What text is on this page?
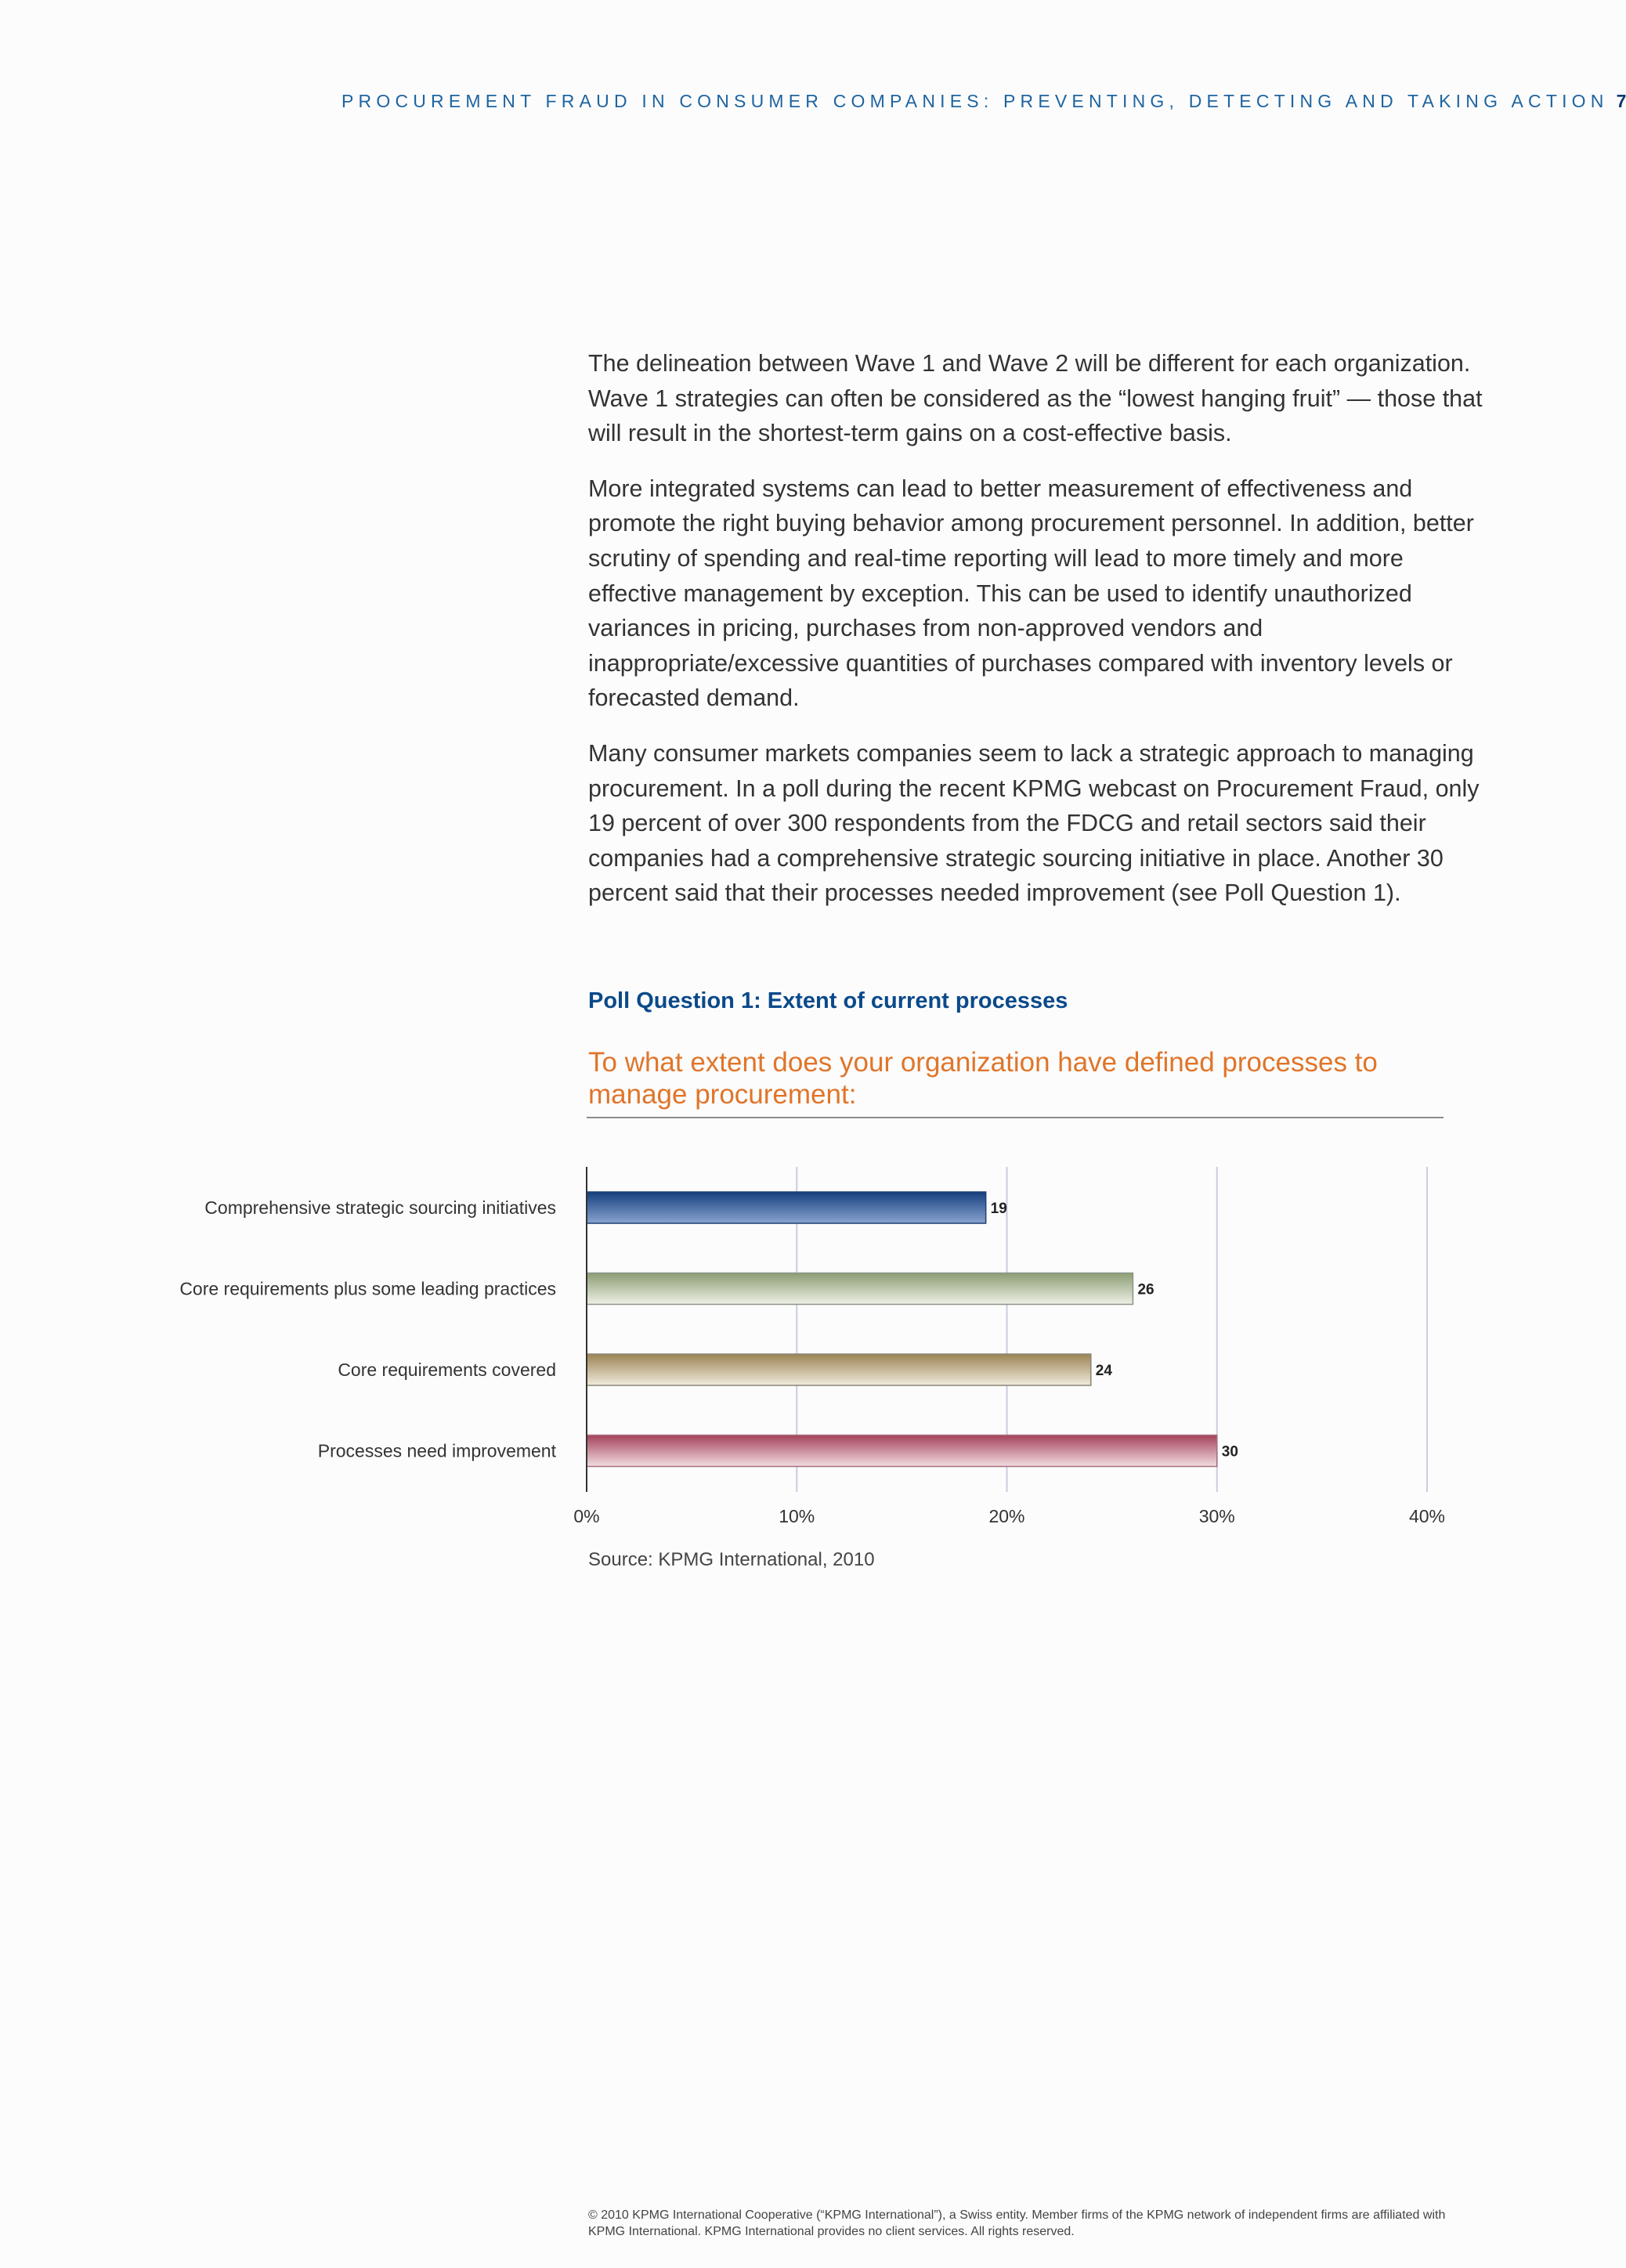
PROCUREMENT FRAUD IN CONSUMER COMPANIES: PREVENTING, DETECTING AND TAKING ACTION 7

The delineation between Wave 1 and Wave 2 will be different for each organization. Wave 1 strategies can often be considered as the “lowest hanging fruit” — those that will result in the shortest-term gains on a cost-effective basis.

More integrated systems can lead to better measurement of effectiveness and promote the right buying behavior among procurement personnel. In addition, better scrutiny of spending and real-time reporting will lead to more timely and more effective management by exception. This can be used to identify unauthorized variances in pricing, purchases from non-approved vendors and inappropriate/excessive quantities of purchases compared with inventory levels or forecasted demand.

Many consumer markets companies seem to lack a strategic approach to managing procurement. In a poll during the recent KPMG webcast on Procurement Fraud, only 19 percent of over 300 respondents from the FDCG and retail sectors said their companies had a comprehensive strategic sourcing initiative in place. Another 30 percent said that their processes needed improvement (see Poll Question 1).

Poll Question 1: Extent of current processes
To what extent does your organization have defined processes to manage procurement:
Comprehensive strategic sourcing initiatives	19
Core requirements plus some leading practices	26
Core requirements covered	24
Processes need improvement	30
0%	10%	20%	30%	40%
Source: KPMG International, 2010
© 2010 KPMG International Cooperative (“KPMG International”), a Swiss entity. Member firms of the KPMG network of independent firms are affiliated with KPMG International. KPMG International provides no client services. All rights reserved.
